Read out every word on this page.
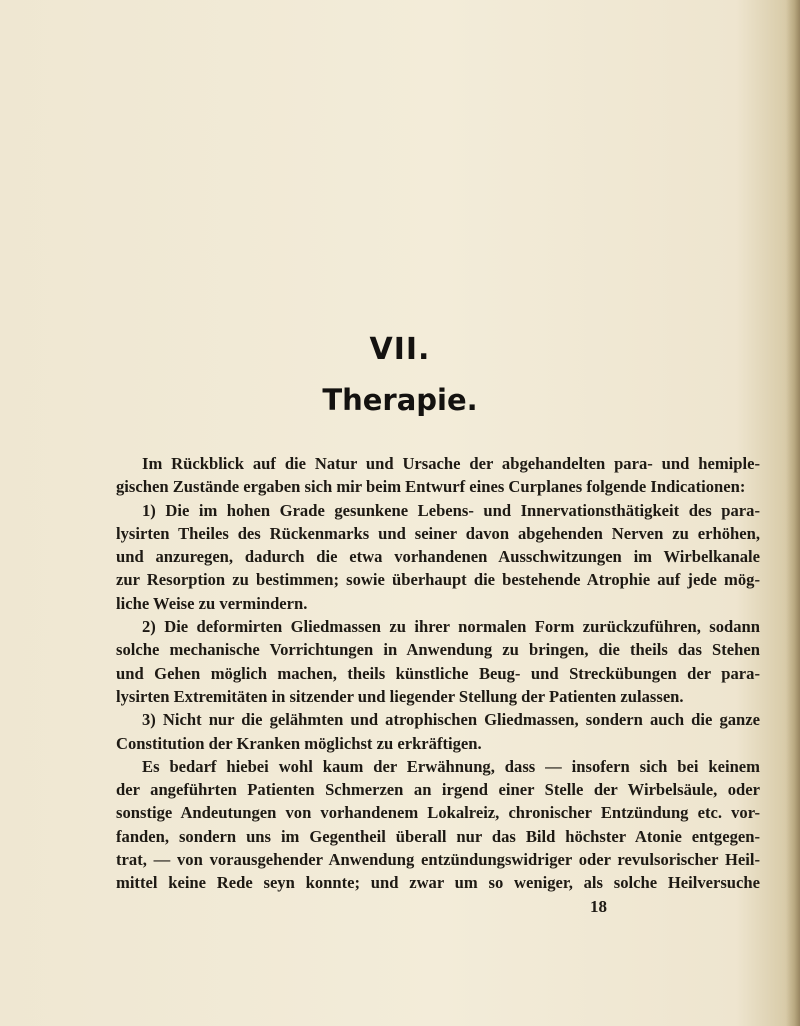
VII.
Therapie.
Im Rückblick auf die Natur und Ursache der abgehandelten para- und hemiple-
gischen Zustände ergaben sich mir beim Entwurf eines Curplanes folgende Indicationen:
1) Die im hohen Grade gesunkene Lebens- und Innervationsthätigkeit des para-
lysirten Theiles des Rückenmarks und seiner davon abgehenden Nerven zu erhöhen,
und anzuregen, dadurch die etwa vorhandenen Ausschwitzungen im Wirbelkanale
zur Resorption zu bestimmen; sowie überhaupt die bestehende Atrophie auf jede mög-
liche Weise zu vermindern.
2) Die deformirten Gliedmassen zu ihrer normalen Form zurückzuführen, sodann
solche mechanische Vorrichtungen in Anwendung zu bringen, die theils das Stehen
und Gehen möglich machen, theils künstliche Beug- und Streckübungen der para-
lysirten Extremitäten in sitzender und liegender Stellung der Patienten zulassen.
3) Nicht nur die gelähmten und atrophischen Gliedmassen, sondern auch die ganze
Constitution der Kranken möglichst zu erkräftigen.
Es bedarf hiebei wohl kaum der Erwähnung, dass — insofern sich bei keinem
der angeführten Patienten Schmerzen an irgend einer Stelle der Wirbelsäule, oder
sonstige Andeutungen von vorhandenem Lokalreiz, chronischer Entzündung etc. vor-
fanden, sondern uns im Gegentheil überall nur das Bild höchster Atonie entgegen-
trat, — von vorausgehender Anwendung entzündungswidriger oder revulsorischer Heil-
mittel keine Rede seyn konnte; und zwar um so weniger, als solche Heilversuche
18
